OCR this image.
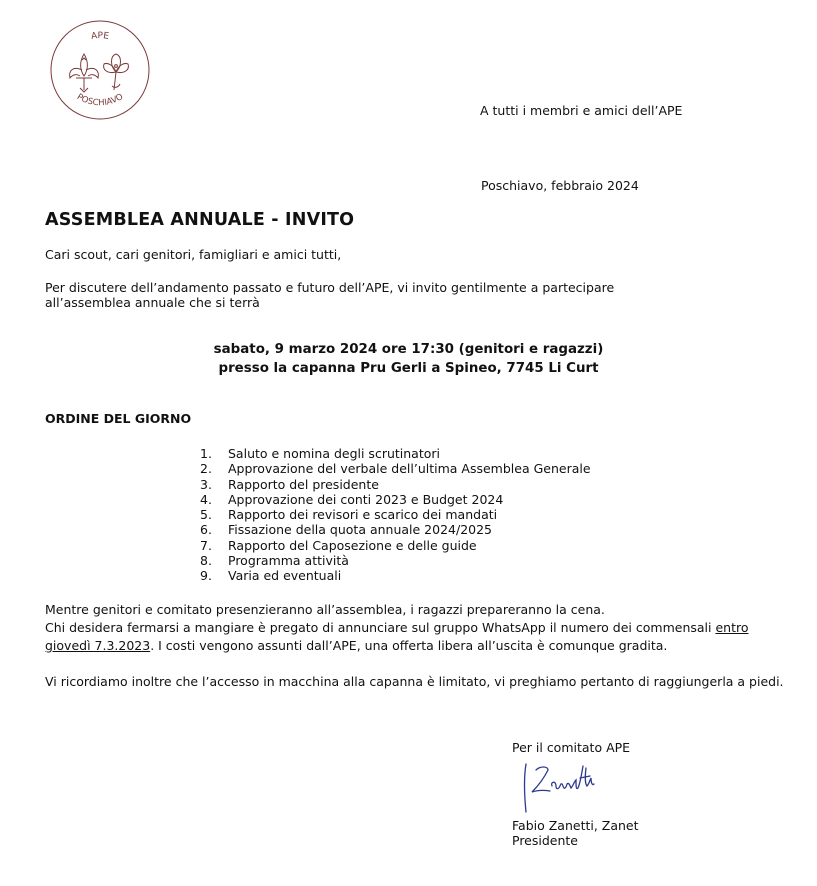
APE
POSCHIAVO
A tutti i membri e amici dell’APE
Poschiavo, febbraio 2024
ASSEMBLEA ANNUALE - INVITO
Cari scout, cari genitori, famigliari e amici tutti,
Per discutere dell’andamento passato e futuro dell’APE, vi invito gentilmente a partecipare
all’assemblea annuale che si terrà
sabato, 9 marzo 2024 ore 17:30 (genitori e ragazzi)
presso la capanna Pru Gerli a Spineo, 7745 Li Curt
ORDINE DEL GIORNO
1.	Saluto e nomina degli scrutinatori
2.	Approvazione del verbale dell’ultima Assemblea Generale
3.	Rapporto del presidente
4.	Approvazione dei conti 2023 e Budget 2024
5.	Rapporto dei revisori e scarico dei mandati
6.	Fissazione della quota annuale 2024/2025
7.	Rapporto del Caposezione e delle guide
8.	Programma attività
9.	Varia ed eventuali
Mentre genitori e comitato presenzieranno all’assemblea, i ragazzi prepareranno la cena.
Chi desidera fermarsi a mangiare è pregato di annunciare sul gruppo WhatsApp il numero dei commensali entro giovedì 7.3.2023. I costi vengono assunti dall’APE, una offerta libera all’uscita è comunque gradita.
Vi ricordiamo inoltre che l’accesso in macchina alla capanna è limitato, vi preghiamo pertanto di raggiungerla a piedi.
Per il comitato APE
Fabio Zanetti, Zanet
Presidente
